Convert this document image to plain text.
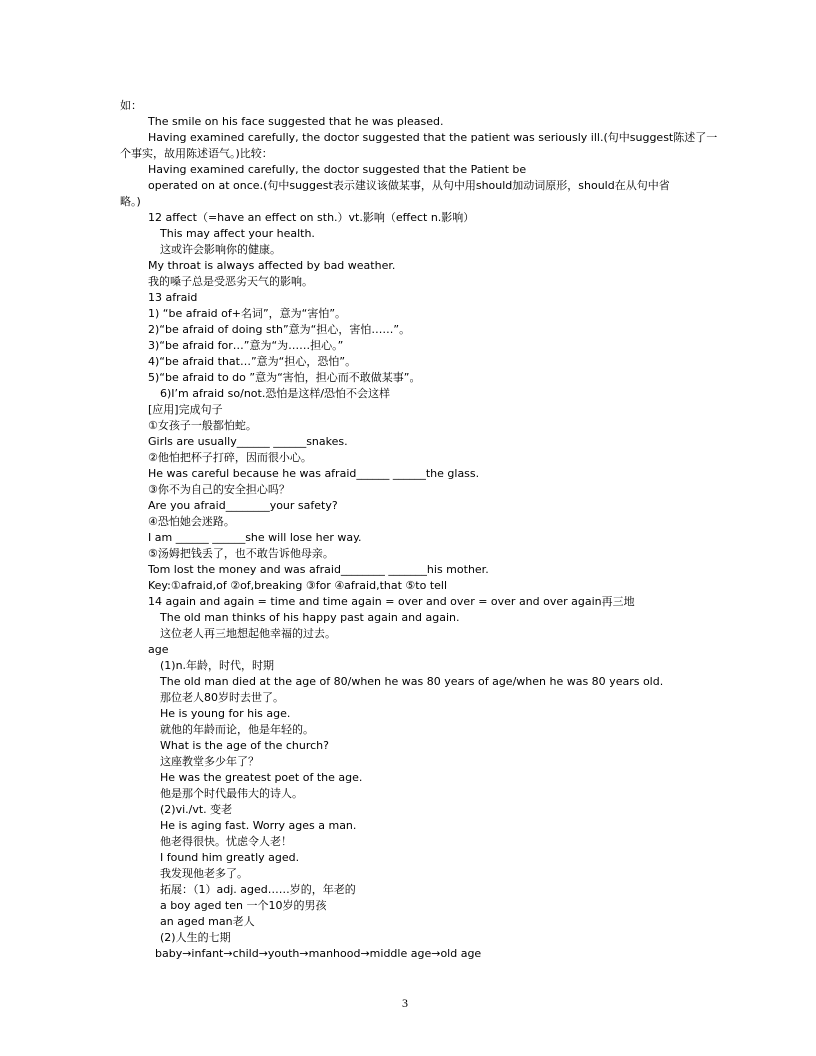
如：
The smile on his face suggested that he was pleased.
Having examined carefully, the doctor suggested that the patient was seriously ill.(句中suggest陈述了一
个事实，故用陈述语气。)比较：
Having examined carefully, the doctor suggested that the Patient be
operated on at once.(句中suggest表示建议该做某事，从句中用should加动词原形，should在从句中省
略。)
12 affect（=have an effect on sth.）vt.影响（effect n.影响）
This may affect your health.
这或许会影响你的健康。
My throat is always affected by bad weather.
我的嗓子总是受恶劣天气的影响。
13 afraid
1) “be afraid of+名词”，意为“害怕”。
2)“be afraid of doing sth”意为“担心，害怕……”。
3)“be afraid for…”意为“为……担心。”
4)“be afraid that…”意为“担心，恐怕”。
5)“be afraid to do ”意为“害怕，担心而不敢做某事”。
6)I’m afraid so/not.恐怕是这样/恐怕不会这样
[应用]完成句子
①女孩子一般都怕蛇。
Girls are usually______ ______snakes.
②他怕把杯子打碎，因而很小心。
He was careful because he was afraid______ ______the glass.
③你不为自己的安全担心吗？
Are you afraid________your safety?
④恐怕她会迷路。
I am ______ ______she will lose her way.
⑤汤姆把钱丢了，也不敢告诉他母亲。
Tom lost the money and was afraid________ _______his mother.
Key:①afraid,of ②of,breaking ③for ④afraid,that ⑤to tell
14 again and again = time and time again = over and over = over and over again再三地
The old man thinks of his happy past again and again.
这位老人再三地想起他幸福的过去。
age
(1)n.年龄，时代，时期
The old man died at the age of 80/when he was 80 years of age/when he was 80 years old.
那位老人80岁时去世了。
He is young for his age.
就他的年龄而论，他是年轻的。
What is the age of the church?
这座教堂多少年了？
He was the greatest poet of the age.
他是那个时代最伟大的诗人。
(2)vi./vt. 变老
He is aging fast. Worry ages a man.
他老得很快。忧虑令人老！
I found him greatly aged.
我发现他老多了。
拓展：（1）adj. aged……岁的，年老的
a boy aged ten 一个10岁的男孩
an aged man老人
(2)人生的七期
baby→infant→child→youth→manhood→middle age→old age
3
